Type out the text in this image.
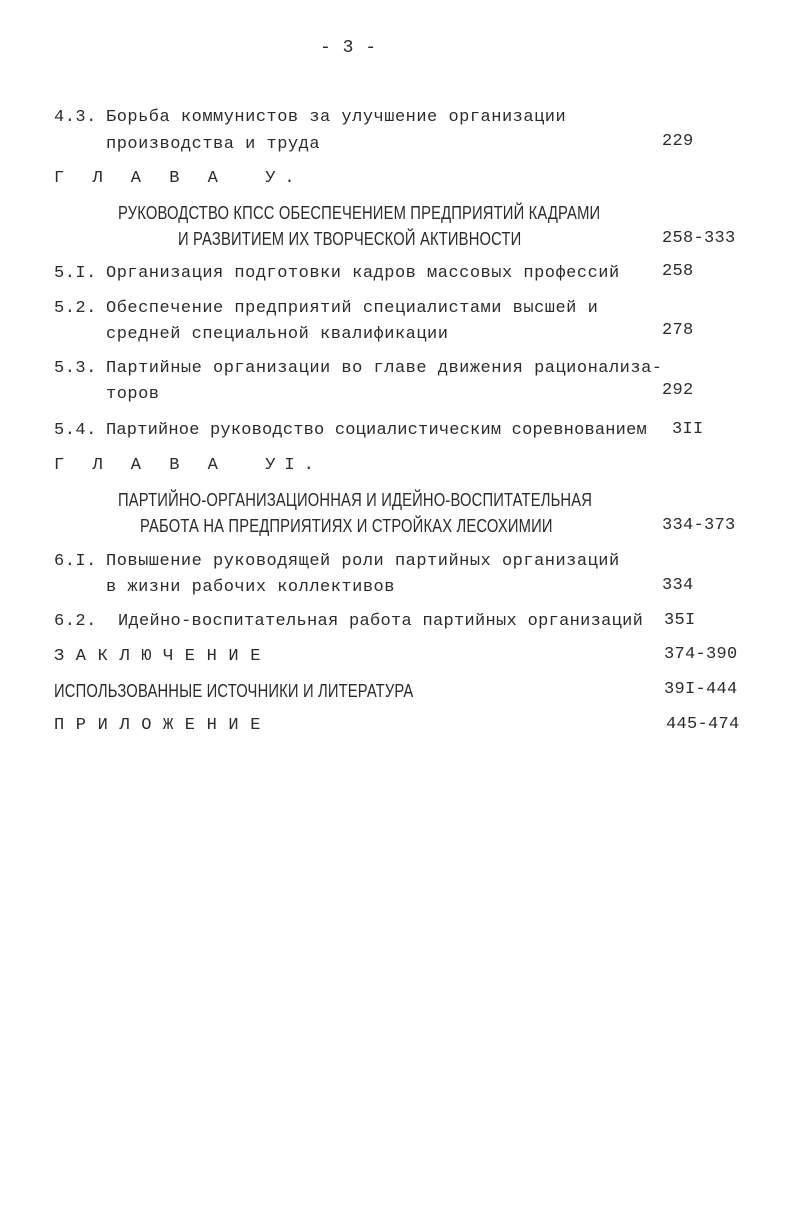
- 3 -
4.3. Борьба коммунистов за улучшение организации
производства и труда	229
Г Л А В А  У.
РУКОВОДСТВО КПСС ОБЕСПЕЧЕНИЕМ ПРЕДПРИЯТИЙ КАДРАМИ
И РАЗВИТИЕМ ИХ ТВОРЧЕСКОЙ АКТИВНОСТИ	258-333
5.I. Организация подготовки кадров массовых профессий 258
5.2. Обеспечение предприятий специалистами высшей и
средней специальной квалификации	278
5.3. Партийные организации во главе движения рационализа-
торов	292
5.4. Партийное руководство социалистическим соревнованием 3II
Г Л А В А  УI.
ПАРТИЙНО-ОРГАНИЗАЦИОННАЯ И ИДЕЙНО-ВОСПИТАТЕЛЬНАЯ
РАБОТА НА ПРЕДПРИЯТИЯХ И СТРОЙКАХ ЛЕСОХИМИИ	334-373
6.I. Повышение руководящей роли партийных организаций
в жизни рабочих коллективов	334
6.2. Идейно-воспитательная работа партийных организаций 35I
ЗАКЛЮЧЕНИЕ	374-390
ИСПОЛЬЗОВАННЫЕ ИСТОЧНИКИ И ЛИТЕРАТУРА	39I-444
ПРИЛОЖЕНИЕ	445-474
